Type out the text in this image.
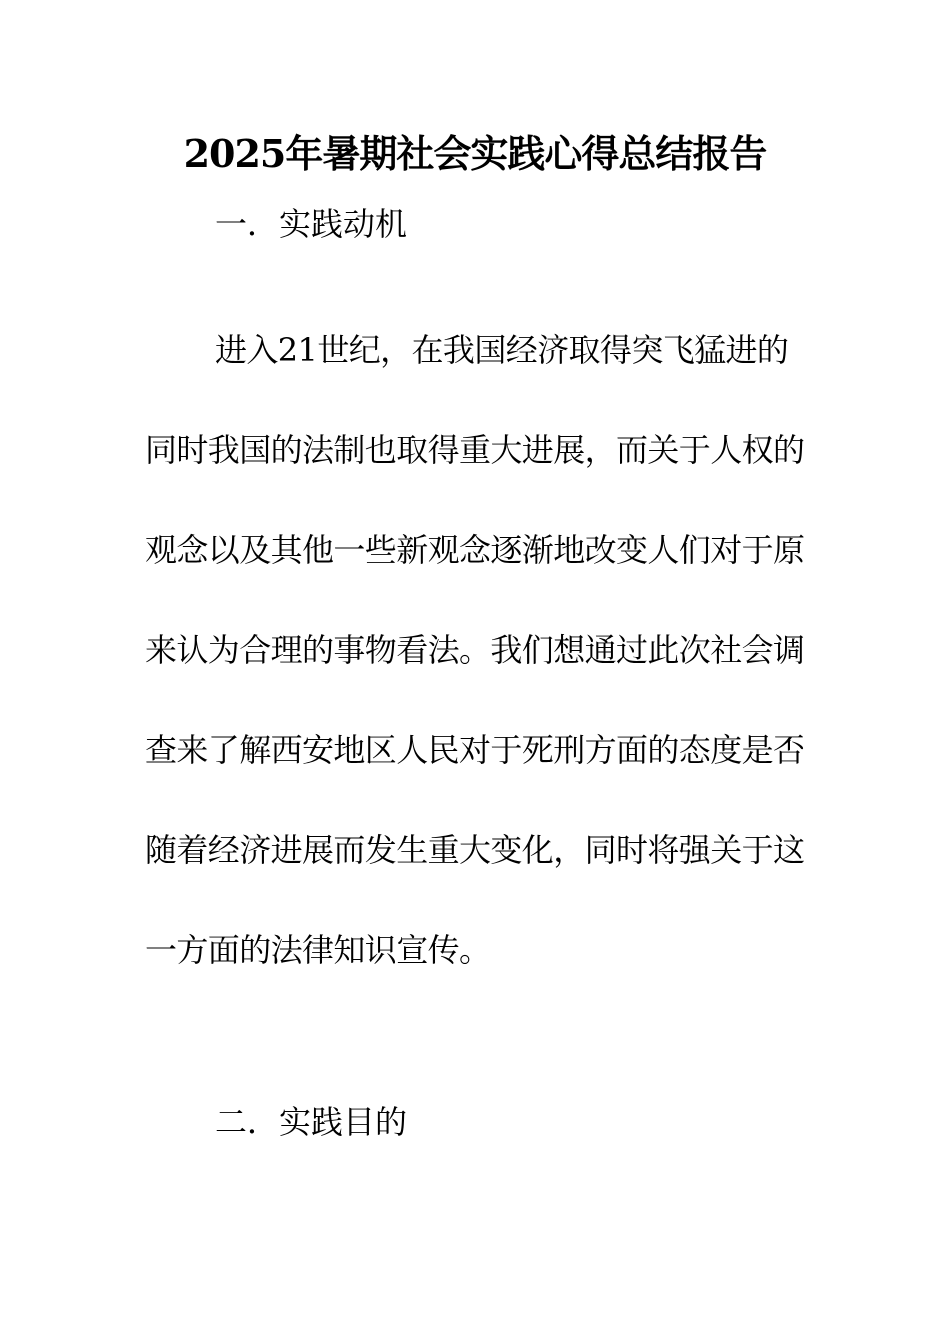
2025年暑期社会实践心得总结报告
一．实践动机

进入21世纪，在我国经济取得突飞猛进的同时我国的法制也取得重大进展，而关于人权的观念以及其他一些新观念逐渐地改变人们对于原来认为合理的事物看法。我们想通过此次社会调查来了解西安地区人民对于死刑方面的态度是否随着经济进展而发生重大变化，同时将强关于这一方面的法律知识宣传。

二．实践目的
